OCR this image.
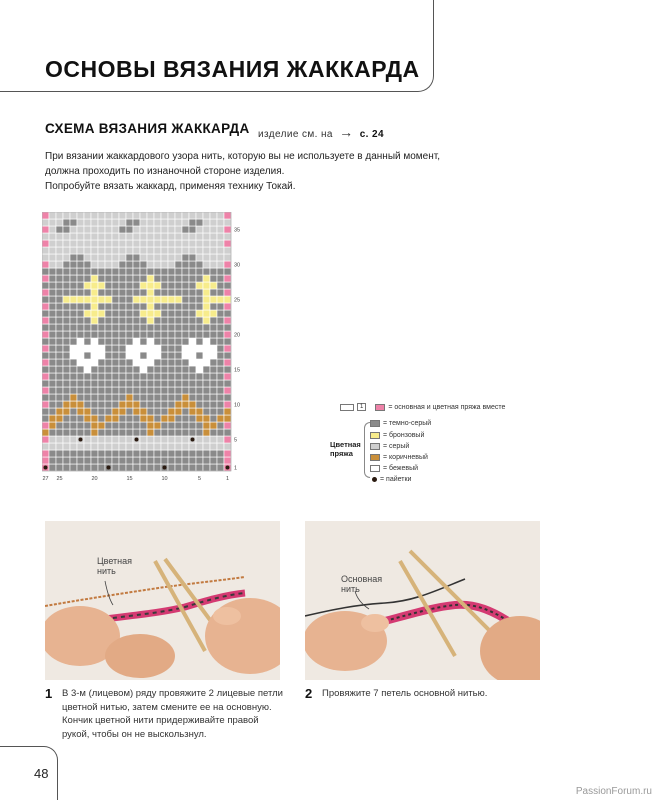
ОСНОВЫ ВЯЗАНИЯ ЖАККАРДА
СХЕМА ВЯЗАНИЯ ЖАККАРДА изделие см. на → с. 24

При вязании жаккардового узора нить, которую вы не используете в данный момент,

должна проходить по изнаночной стороне изделия.

Попробуйте вязать жаккард, применяя технику Токай.

1
5
10
15
20
25
30
35
27 25	20	15	10	5	1
1	= основная и цветная пряжа вместе
Цветная
пряжа
= темно-серый
= бронзовый
= серый
= коричневый
= бежевый
= пайетки
Цветная
нить
Основная
нить
1 В 3-м (лицевом) ряду провяжите 2 лицевые петли

цветной нитью, затем смените ее на основную.

Кончик цветной нити придерживайте правой

рукой, чтобы он не выскользнул.

2 Провяжите 7 петель основной нитью.

48
PassionForum.ru
